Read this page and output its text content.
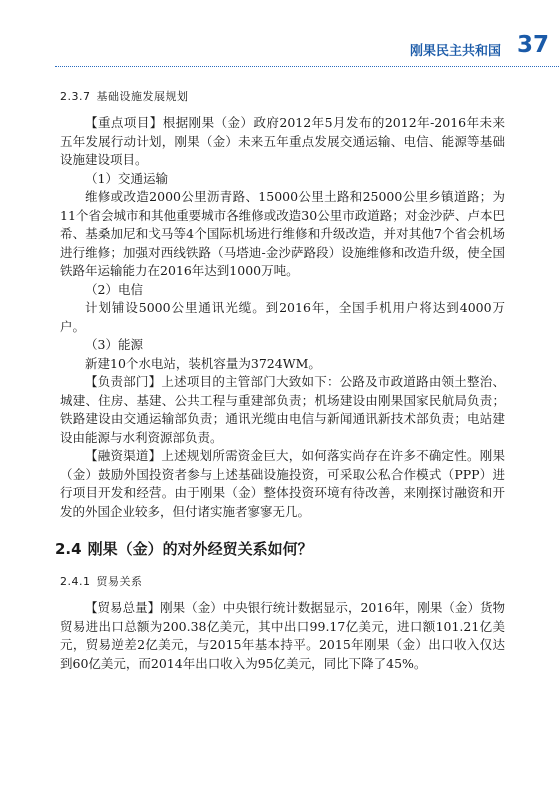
刚果民主共和国 37
2.3.7 基础设施发展规划

【重点项目】根据刚果（金）政府2012年5月发布的2012年-2016年未来五年发展行动计划，刚果（金）未来五年重点发展交通运输、电信、能源等基础设施建设项目。

（1）交通运输

维修或改造2000公里沥青路、15000公里土路和25000公里乡镇道路；为11个省会城市和其他重要城市各维修或改造30公里市政道路；对金沙萨、卢本巴希、基桑加尼和戈马等4个国际机场进行维修和升级改造，并对其他7个省会机场进行维修；加强对西线铁路（马塔迪-金沙萨路段）设施维修和改造升级，使全国铁路年运输能力在2016年达到1000万吨。

（2）电信

计划铺设5000公里通讯光缆。到2016年，全国手机用户将达到4000万户。

（3）能源

新建10个水电站，装机容量为3724WM。

【负责部门】上述项目的主管部门大致如下：公路及市政道路由领土整治、城建、住房、基建、公共工程与重建部负责；机场建设由刚果国家民航局负责；铁路建设由交通运输部负责；通讯光缆由电信与新闻通讯新技术部负责；电站建设由能源与水利资源部负责。

【融资渠道】上述规划所需资金巨大，如何落实尚存在许多不确定性。刚果（金）鼓励外国投资者参与上述基础设施投资，可采取公私合作模式（PPP）进行项目开发和经营。由于刚果（金）整体投资环境有待改善，来刚探讨融资和开发的外国企业较多，但付诸实施者寥寥无几。

2.4 刚果（金）的对外经贸关系如何？
2.4.1 贸易关系

【贸易总量】刚果（金）中央银行统计数据显示，2016年，刚果（金）货物贸易进出口总额为200.38亿美元，其中出口99.17亿美元，进口额101.21亿美元，贸易逆差2亿美元，与2015年基本持平。2015年刚果（金）出口收入仅达到60亿美元，而2014年出口收入为95亿美元，同比下降了45%。
